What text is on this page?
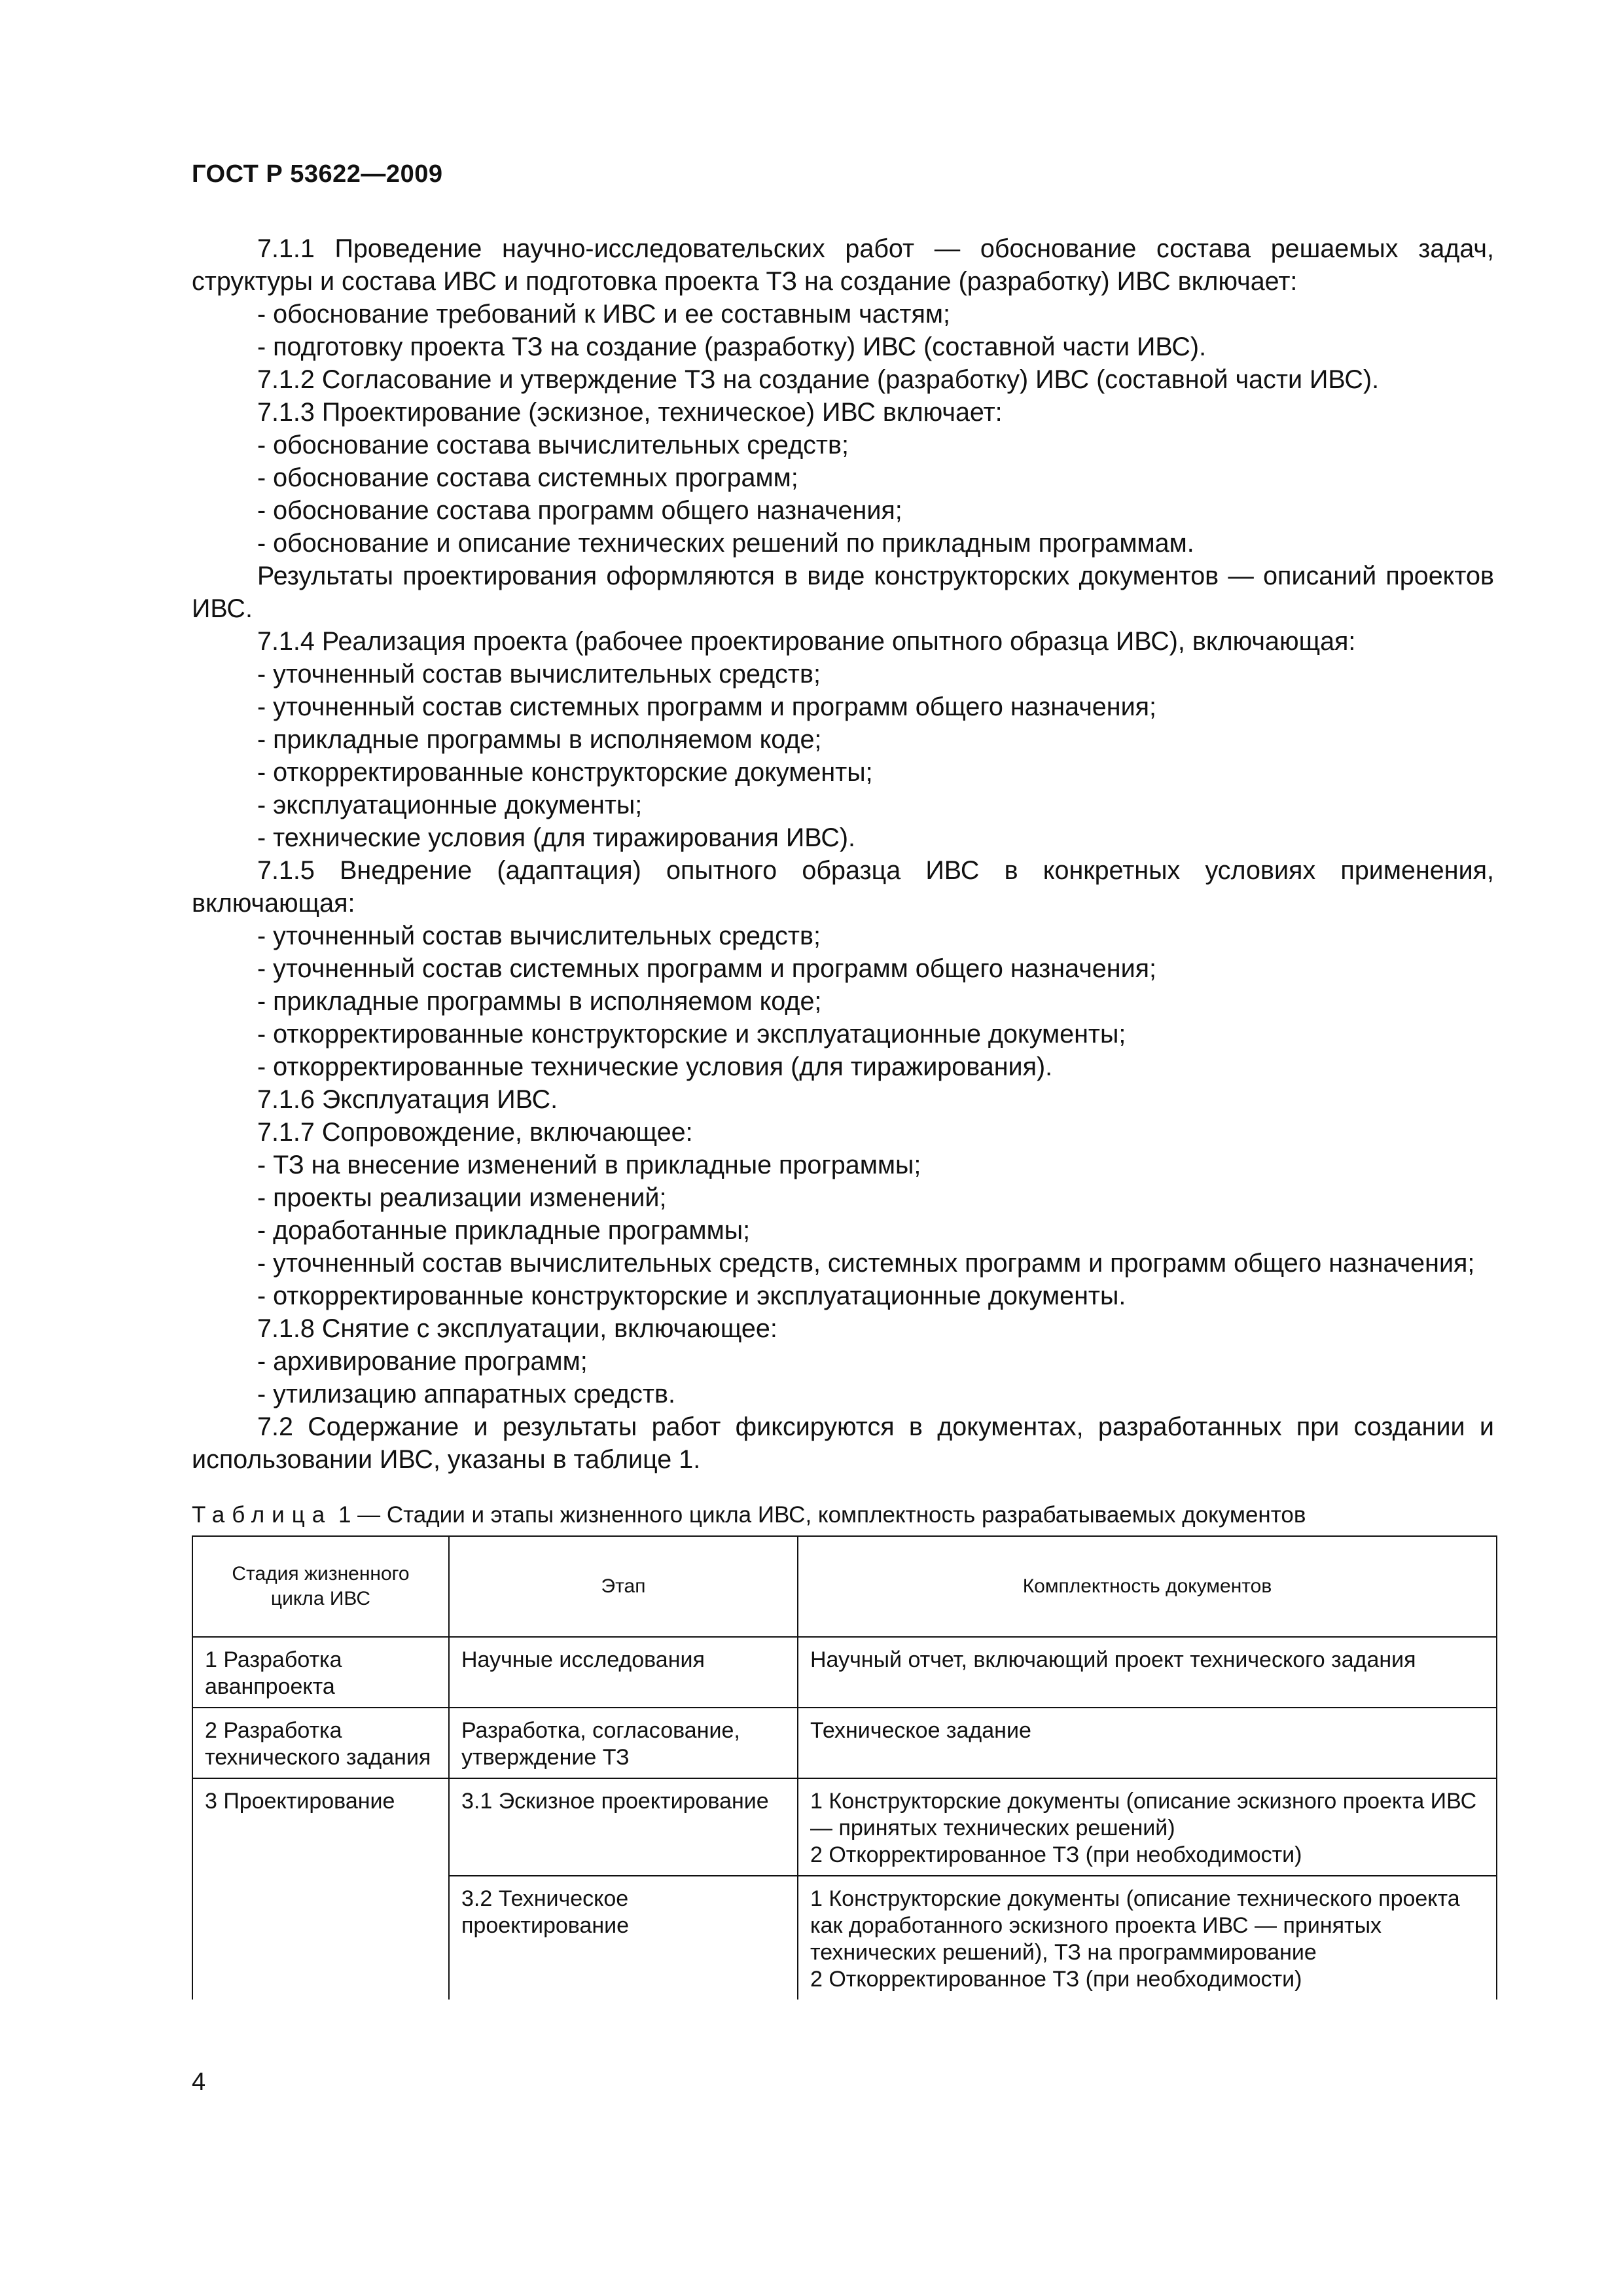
ГОСТ Р 53622—2009

7.1.1 Проведение научно-исследовательских работ — обоснование состава решаемых задач, структуры и состава ИВС и подготовка проекта ТЗ на создание (разработку) ИВС включает:

- обоснование требований к ИВС и ее составным частям;

- подготовку проекта ТЗ на создание (разработку) ИВС (составной части ИВС).

7.1.2 Согласование и утверждение ТЗ на создание (разработку) ИВС (составной части ИВС).

7.1.3 Проектирование (эскизное, техническое) ИВС включает:

- обоснование состава вычислительных средств;

- обоснование состава системных программ;

- обоснование состава программ общего назначения;

- обоснование и описание технических решений по прикладным программам.

Результаты проектирования оформляются в виде конструкторских документов — описаний проектов ИВС.

7.1.4 Реализация проекта (рабочее проектирование опытного образца ИВС), включающая:

- уточненный состав вычислительных средств;

- уточненный состав системных программ и программ общего назначения;

- прикладные программы в исполняемом коде;

- откорректированные конструкторские документы;

- эксплуатационные документы;

- технические условия (для тиражирования ИВС).

7.1.5 Внедрение (адаптация) опытного образца ИВС в конкретных условиях применения, включающая:

- уточненный состав вычислительных средств;

- уточненный состав системных программ и программ общего назначения;

- прикладные программы в исполняемом коде;

- откорректированные конструкторские и эксплуатационные документы;

- откорректированные технические условия (для тиражирования).

7.1.6 Эксплуатация ИВС.

7.1.7 Сопровождение, включающее:

- ТЗ на внесение изменений в прикладные программы;

- проекты реализации изменений;

- доработанные прикладные программы;

- уточненный состав вычислительных средств, системных программ и программ общего назначения;

- откорректированные конструкторские и эксплуатационные документы.

7.1.8 Снятие с эксплуатации, включающее:

- архивирование программ;

- утилизацию аппаратных средств.

7.2 Содержание и результаты работ фиксируются в документах, разработанных при создании и использовании ИВС, указаны в таблице 1.

Таблица 1 — Стадии и этапы жизненного цикла ИВС, комплектность разрабатываемых документов
Стадия жизненного цикла ИВС	Этап	Комплектность документов
1 Разработка аванпроекта	Научные исследования	Научный отчет, включающий проект технического задания

2 Разработка технического задания	Разработка, согласование, утверждение ТЗ	Техническое задание

3 Проектирование	3.1 Эскизное проектирование	1 Конструкторские документы (описание эскизного проекта ИВС — принятых технических решений)
2 Откорректированное ТЗ (при необходимости)

	3.2 Техническое проектирование	1 Конструкторские документы (описание технического проекта как доработанного эскизного проекта ИВС — принятых технических решений), ТЗ на программирование
2 Откорректированное ТЗ (при необходимости)
4
